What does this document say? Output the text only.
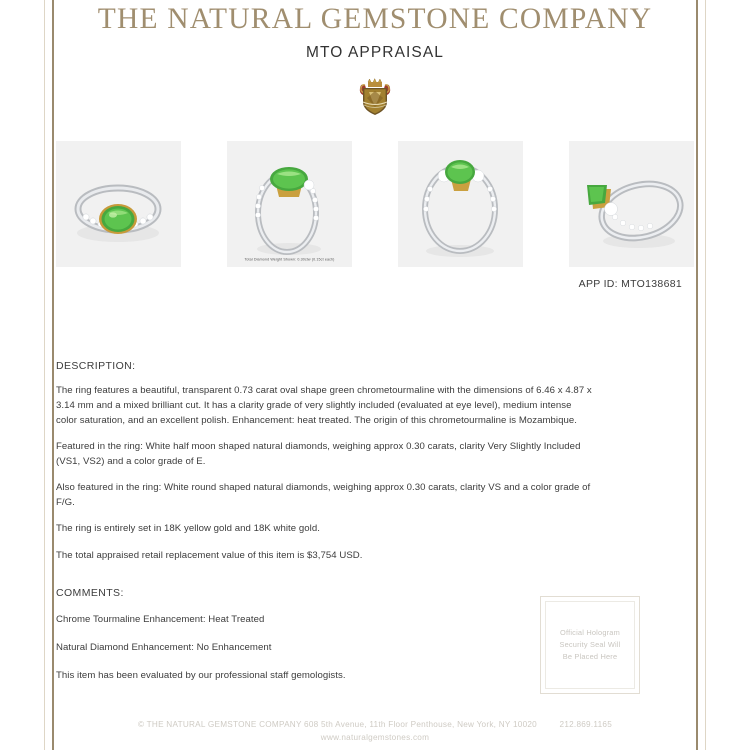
THE NATURAL GEMSTONE COMPANY
MTO APPRAISAL
Total Diamond Weight Shown: 0.30ctw (0.15ct each)
APP ID: MTO138681
DESCRIPTION:
The ring features a beautiful, transparent 0.73 carat oval shape green chrometourmaline with the dimensions of 6.46 x 4.87 x 3.14 mm and a mixed brilliant cut. It has a clarity grade of very slightly included (evaluated at eye level), medium intense color saturation, and an excellent polish. Enhancement: heat treated. The origin of this chrometourmaline is Mozambique.
Featured in the ring: White half moon shaped natural diamonds, weighing approx 0.30 carats, clarity Very Slightly Included (VS1, VS2) and a color grade of E.
Also featured in the ring: White round shaped natural diamonds, weighing approx 0.30 carats, clarity VS and a color grade of F/G.
The ring is entirely set in 18K yellow gold and 18K white gold.
The total appraised retail replacement value of this item is $3,754 USD.
COMMENTS:
Chrome Tourmaline Enhancement: Heat Treated
Natural Diamond Enhancement: No Enhancement
This item has been evaluated by our professional staff gemologists.
Official Hologram
Security Seal Will
Be Placed Here
© THE NATURAL GEMSTONE COMPANY 608 5th Avenue, 11th Floor Penthouse, New York, NY 10020	212.869.1165
www.naturalgemstones.com
